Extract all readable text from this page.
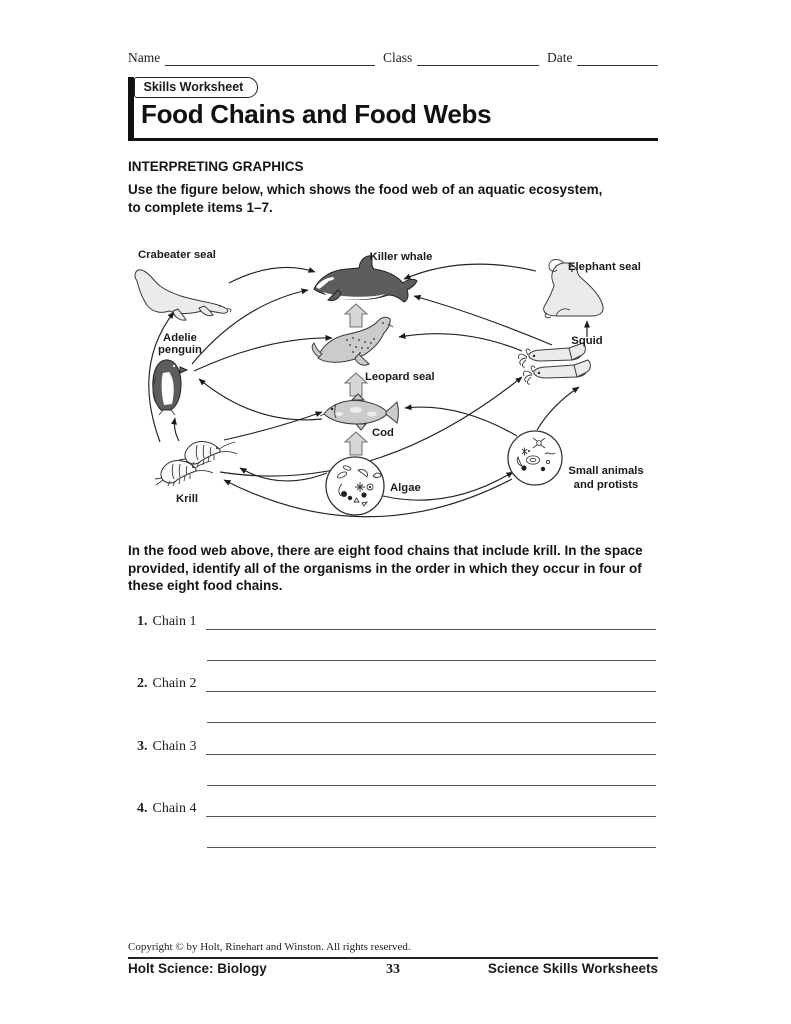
Name	Class	Date
Skills Worksheet
Food Chains and Food Webs
INTERPRETING GRAPHICS
Use the figure below, which shows the food web of an aquatic ecosystem,
to complete items 1–7.
Crabeater seal	Killer whale
Elephant seal
Adelie
penguin
Squid
Leopard seal
Cod
Krill
Algae
Small animals
and protists
In the food web above, there are eight food chains that include krill. In the space
provided, identify all of the organisms in the order in which they occur in four of
these eight food chains.
1. Chain 1
2. Chain 2
3. Chain 3
4. Chain 4
Copyright © by Holt, Rinehart and Winston. All rights reserved.
Holt Science: Biology	33	Science Skills Worksheets
